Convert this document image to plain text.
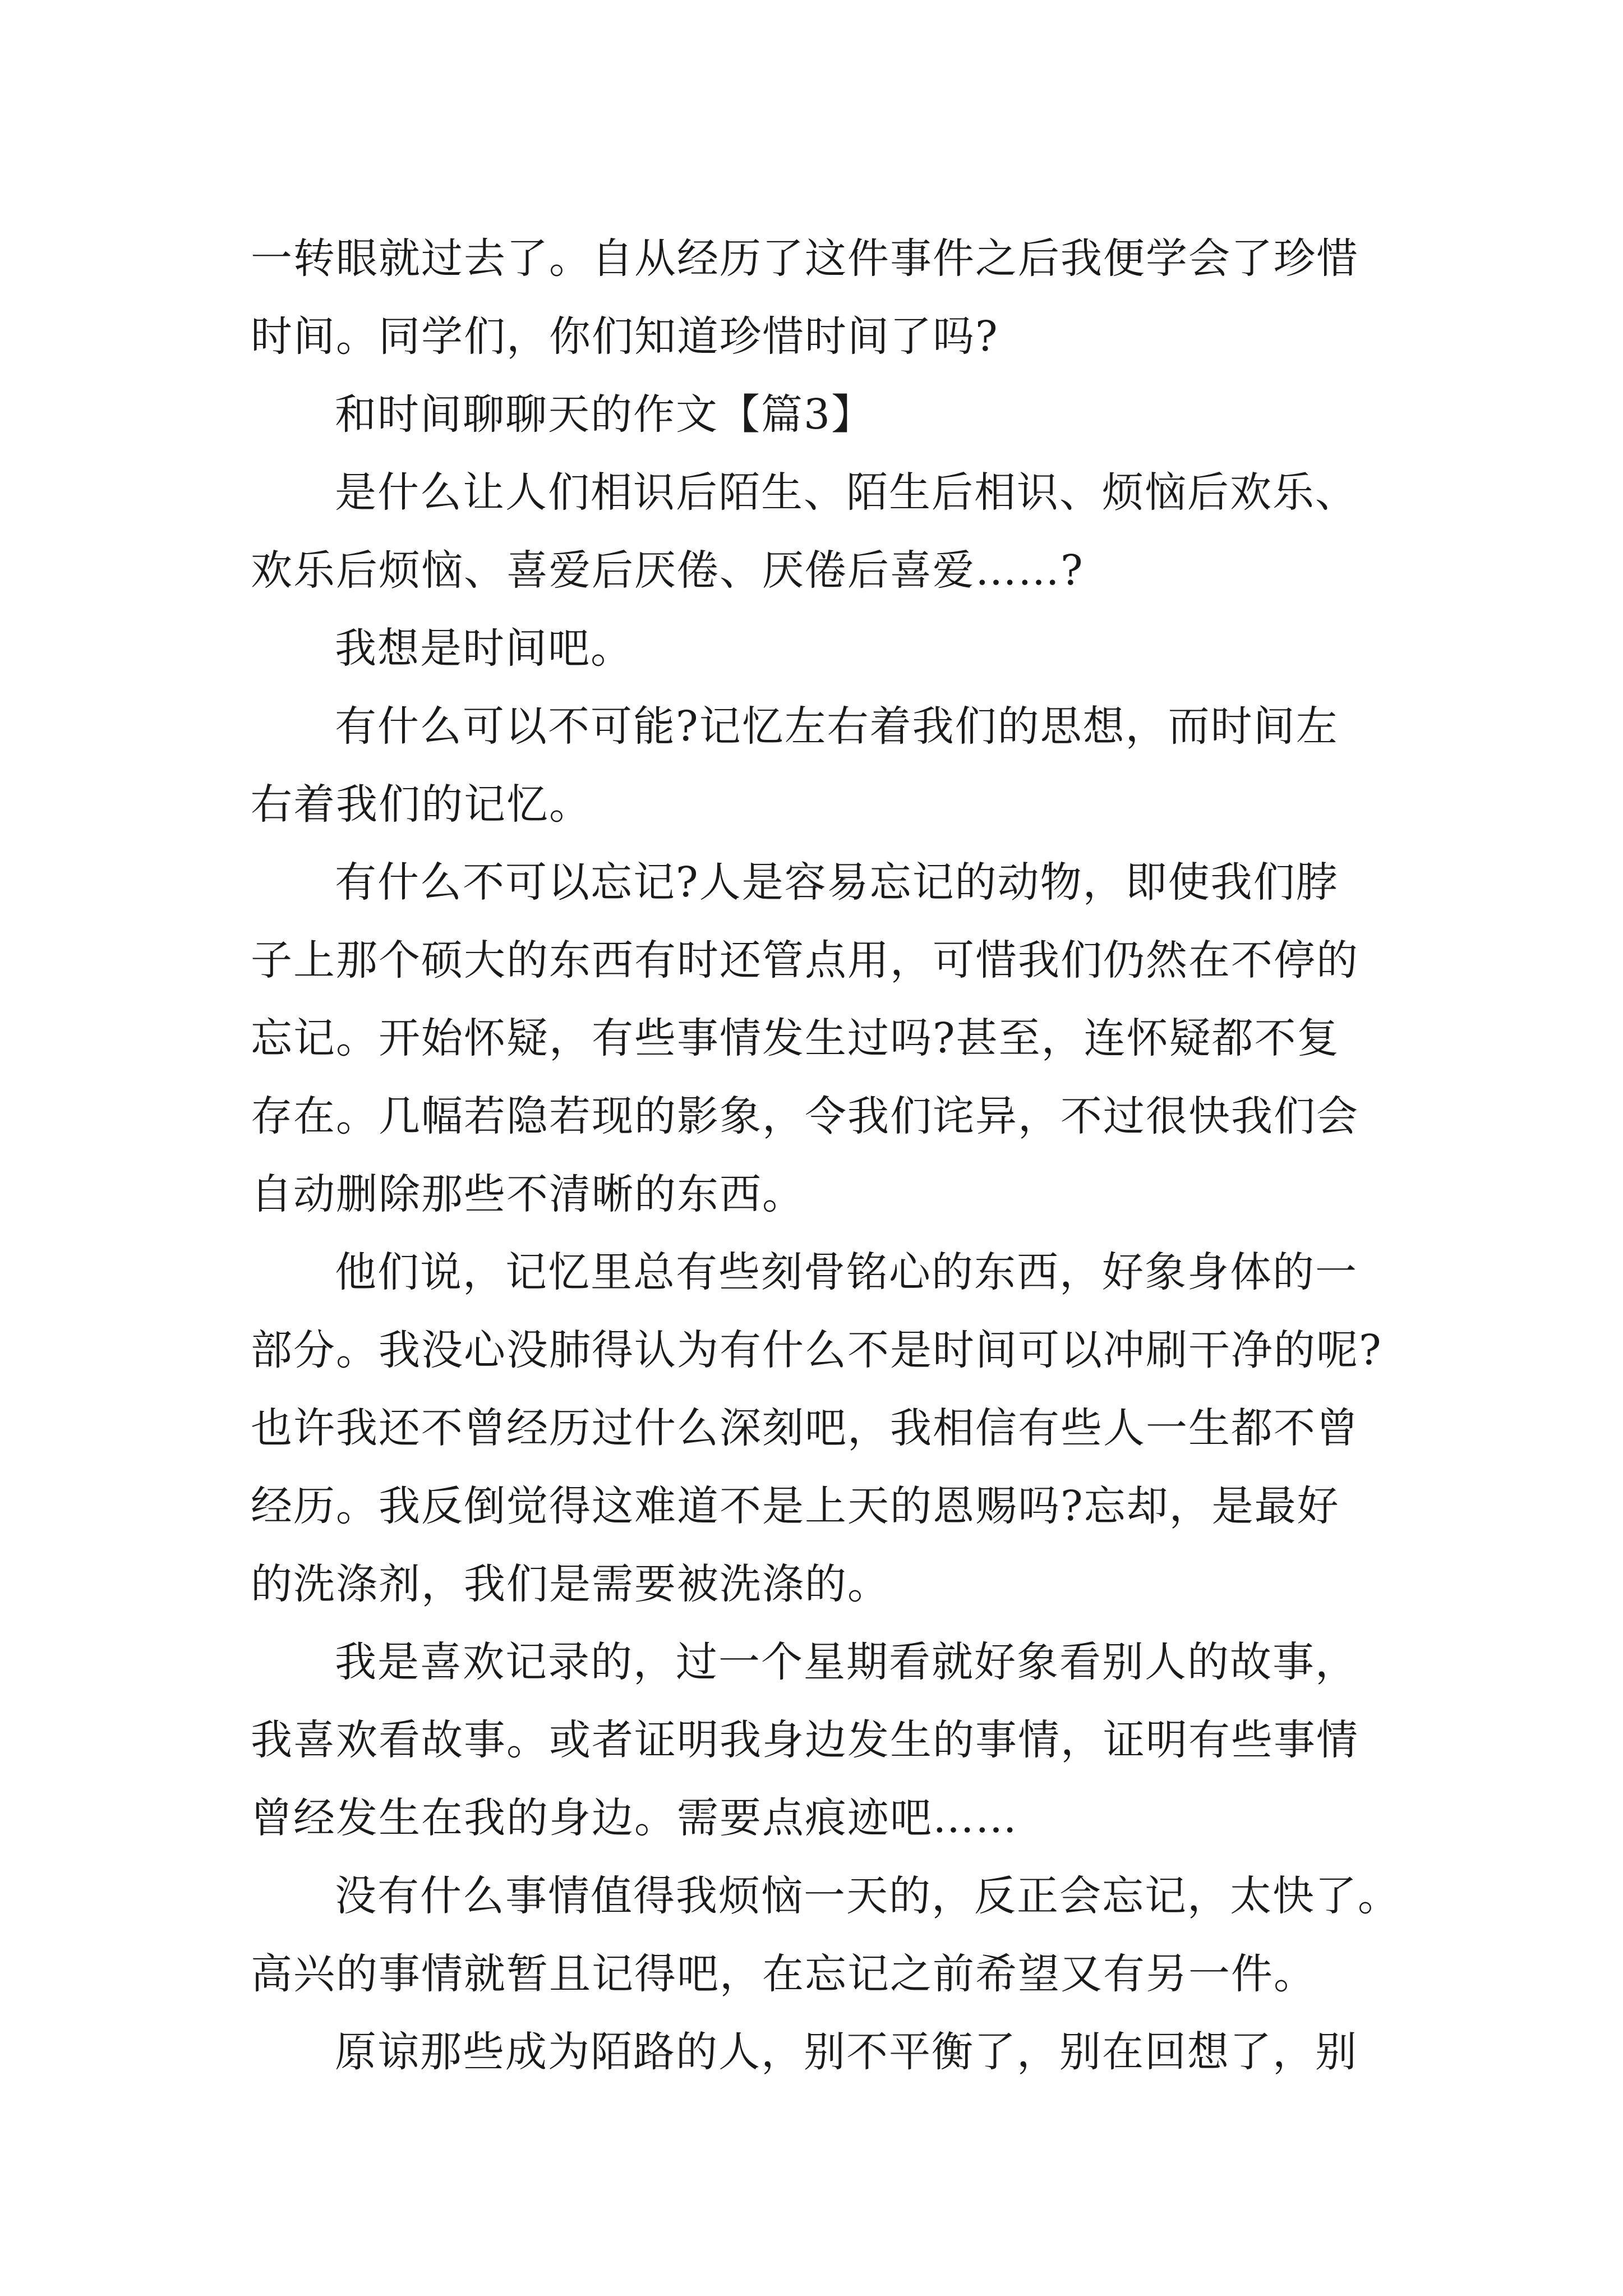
一转眼就过去了。自从经历了这件事件之后我便学会了珍惜
时间。同学们，你们知道珍惜时间了吗?
和时间聊聊天的作文【篇3】
是什么让人们相识后陌生、陌生后相识、烦恼后欢乐、
欢乐后烦恼、喜爱后厌倦、厌倦后喜爱……?
我想是时间吧。
有什么可以不可能?记忆左右着我们的思想，而时间左
右着我们的记忆。
有什么不可以忘记?人是容易忘记的动物，即使我们脖
子上那个硕大的东西有时还管点用，可惜我们仍然在不停的
忘记。开始怀疑，有些事情发生过吗?甚至，连怀疑都不复
存在。几幅若隐若现的影象，令我们诧异，不过很快我们会
自动删除那些不清晰的东西。
他们说，记忆里总有些刻骨铭心的东西，好象身体的一
部分。我没心没肺得认为有什么不是时间可以冲刷干净的呢?
也许我还不曾经历过什么深刻吧，我相信有些人一生都不曾
经历。我反倒觉得这难道不是上天的恩赐吗?忘却，是最好
的洗涤剂，我们是需要被洗涤的。
我是喜欢记录的，过一个星期看就好象看别人的故事，
我喜欢看故事。或者证明我身边发生的事情，证明有些事情
曾经发生在我的身边。需要点痕迹吧……
没有什么事情值得我烦恼一天的，反正会忘记，太快了。
高兴的事情就暂且记得吧，在忘记之前希望又有另一件。
原谅那些成为陌路的人，别不平衡了，别在回想了，别
